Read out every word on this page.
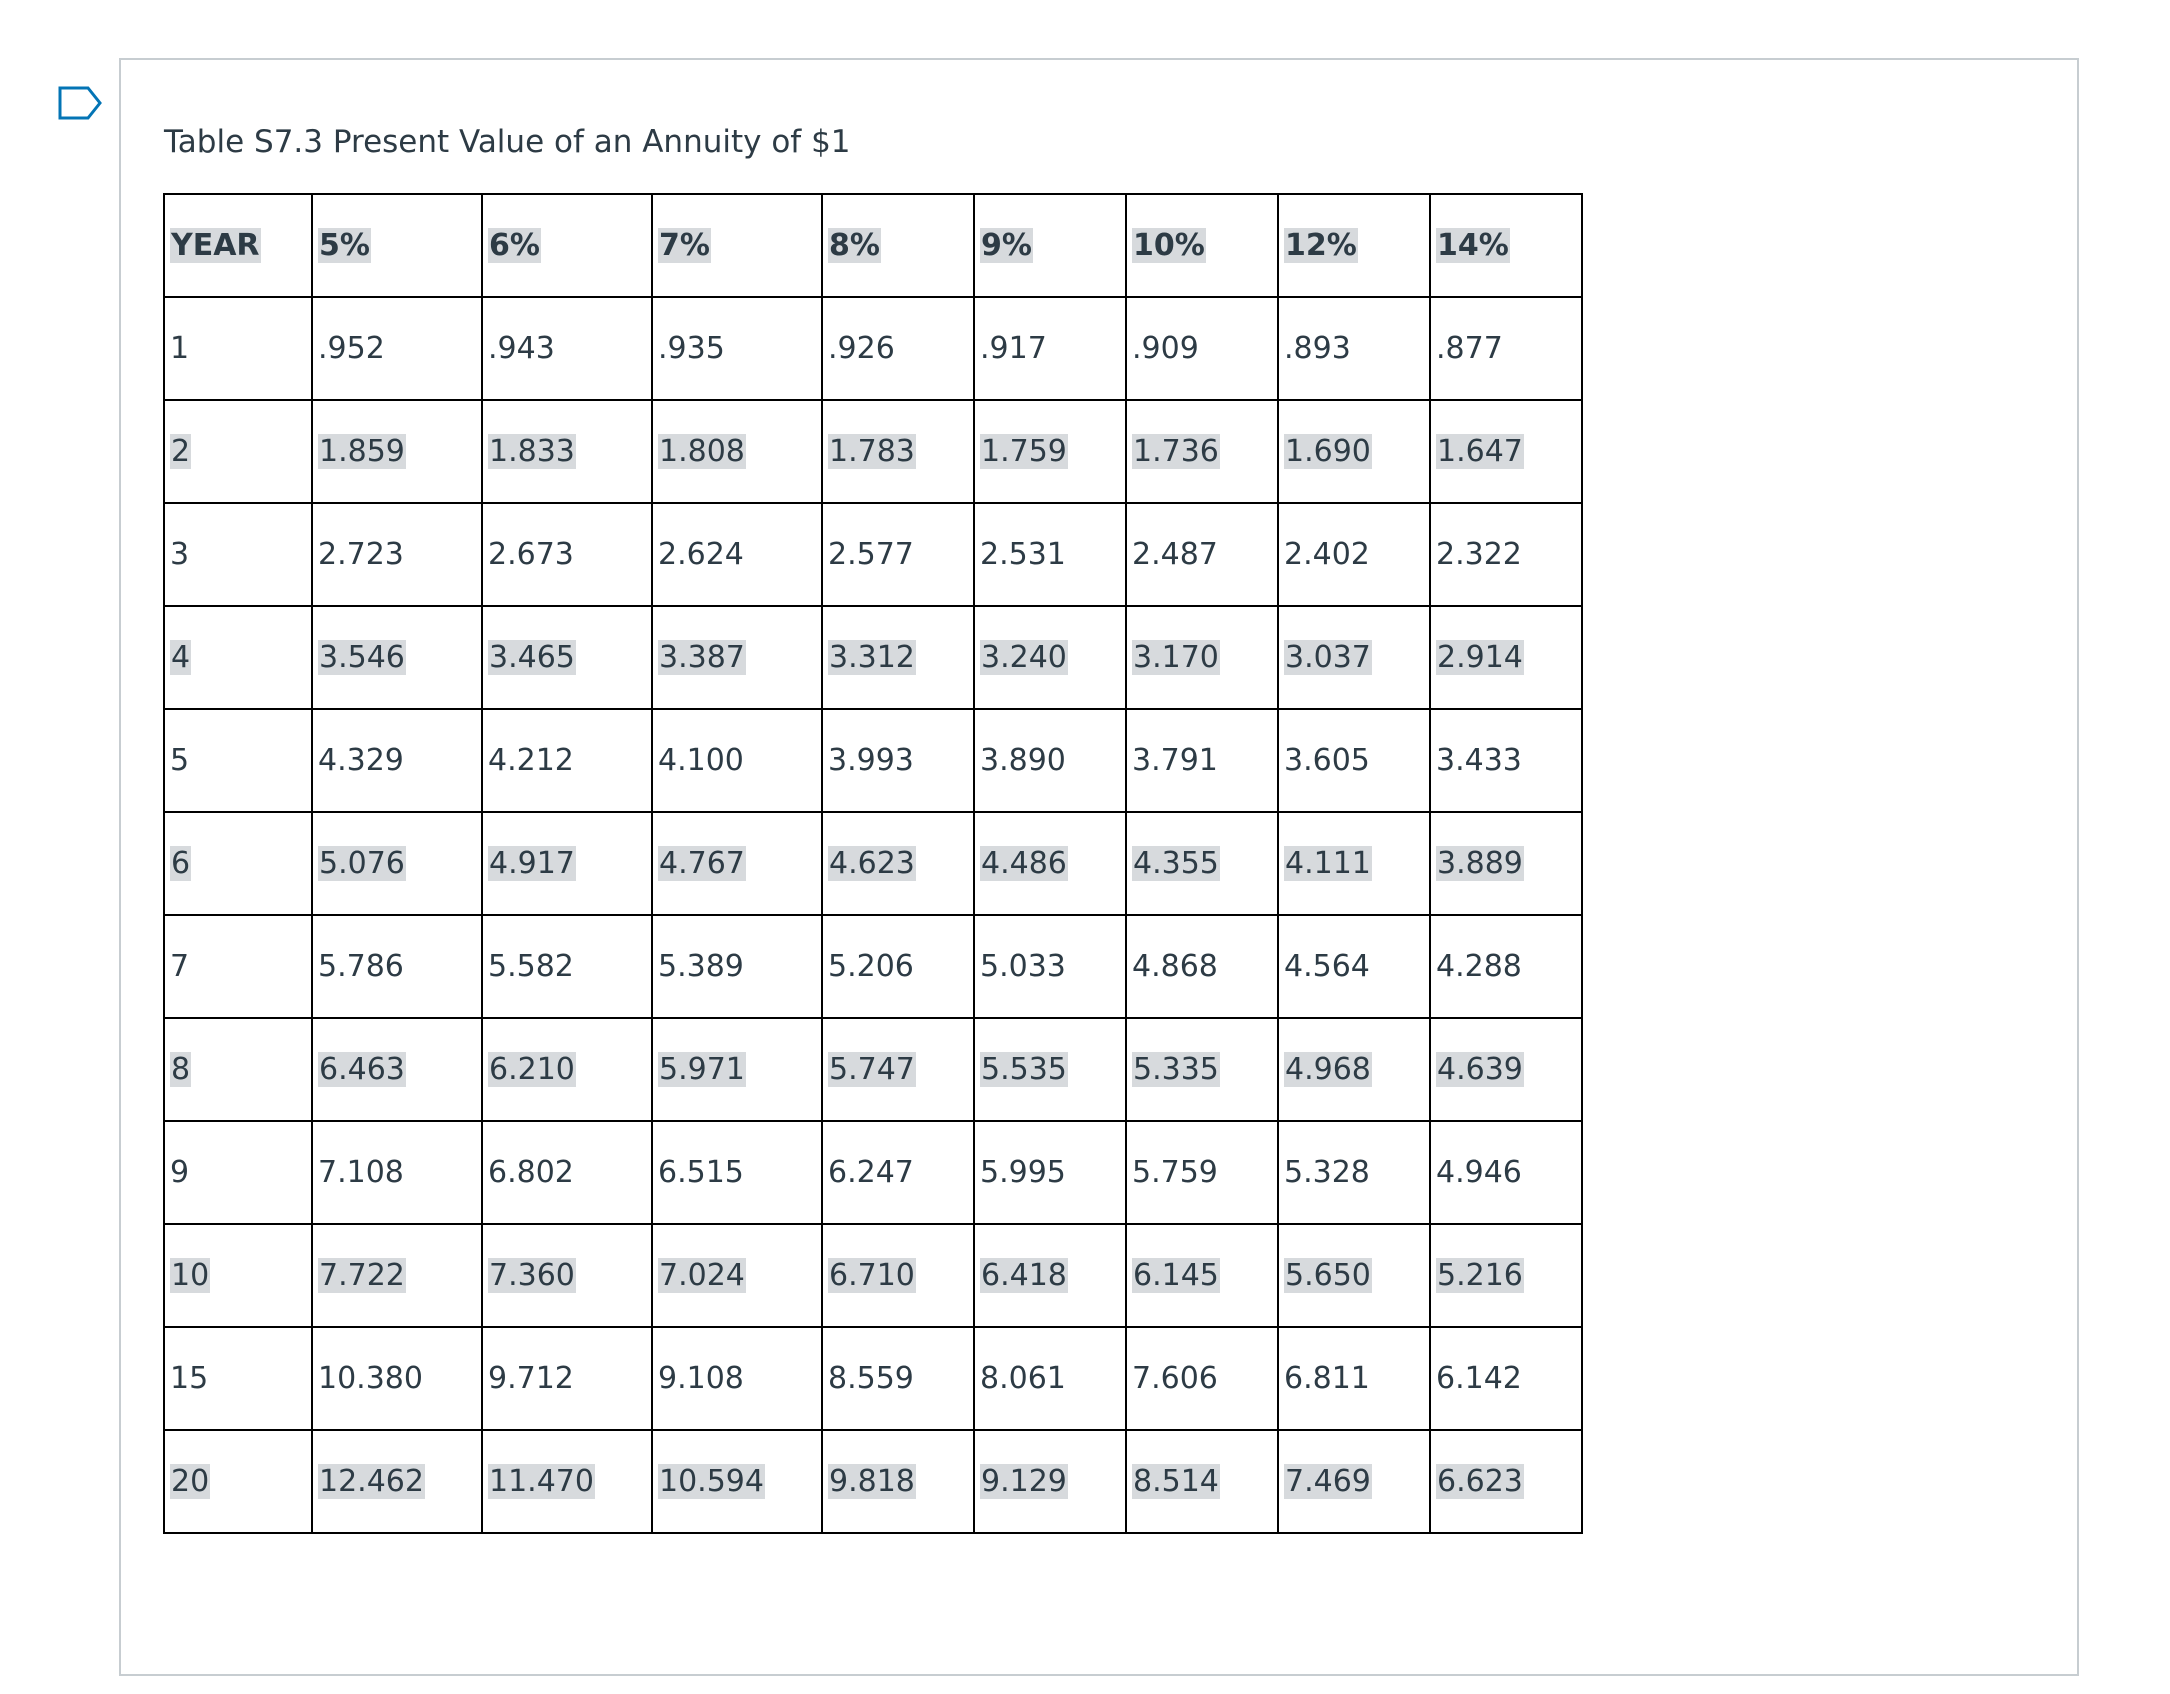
Table S7.3 Present Value of an Annuity of $1
YEAR	5%	6%	7%	8%	9%	10%	12%	14%
1	.952	.943	.935	.926	.917	.909	.893	.877
2	1.859	1.833	1.808	1.783	1.759	1.736	1.690	1.647
3	2.723	2.673	2.624	2.577	2.531	2.487	2.402	2.322
4	3.546	3.465	3.387	3.312	3.240	3.170	3.037	2.914
5	4.329	4.212	4.100	3.993	3.890	3.791	3.605	3.433
6	5.076	4.917	4.767	4.623	4.486	4.355	4.111	3.889
7	5.786	5.582	5.389	5.206	5.033	4.868	4.564	4.288
8	6.463	6.210	5.971	5.747	5.535	5.335	4.968	4.639
9	7.108	6.802	6.515	6.247	5.995	5.759	5.328	4.946
10	7.722	7.360	7.024	6.710	6.418	6.145	5.650	5.216
15	10.380	9.712	9.108	8.559	8.061	7.606	6.811	6.142
20	12.462	11.470	10.594	9.818	9.129	8.514	7.469	6.623
